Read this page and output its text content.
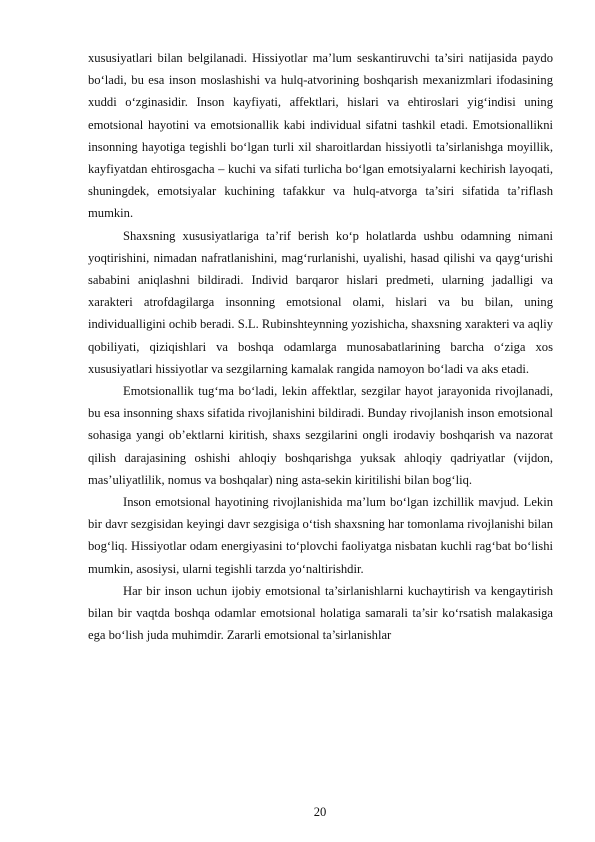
xususiyatlari bilan belgilanadi. Hissiyotlar ma’lum seskantiruvchi ta’siri natijasida paydo bo‘ladi, bu esa inson moslashishi va hulq-atvorining boshqarish mexanizmlari ifodasining xuddi o‘zginasidir. Inson kayfiyati, affektlari, hislari va ehtiroslari yig‘indisi uning emotsional hayotini va emotsionallik kabi individual sifatni tashkil etadi. Emotsionallikni insonning hayotiga tegishli bo‘lgan turli xil sharoitlardan hissiyotli ta’sirlanishga moyillik, kayfiyatdan ehtirosgacha – kuchi va sifati turlicha bo‘lgan emotsiyalarni kechirish layoqati, shuningdek, emotsiyalar kuchining tafakkur va hulq-atvorga ta’siri sifatida ta’riflash mumkin.

Shaxsning xususiyatlariga ta’rif berish ko‘p holatlarda ushbu odamning nimani yoqtirishini, nimadan nafratlanishini, mag‘rurlanishi, uyalishi, hasad qilishi va qayg‘urishi sababini aniqlashni bildiradi. Individ barqaror hislari predmeti, ularning jadalligi va xarakteri atrofdagilarga insonning emotsional olami, hislari va bu bilan, uning individualligini ochib beradi. S.L. Rubinshteynning yozishicha, shaxsning xarakteri va aqliy qobiliyati, qiziqishlari va boshqa odamlarga munosabatlarining barcha o‘ziga xos xususiyatlari hissiyotlar va sezgilarning kamalak rangida namoyon bo‘ladi va aks etadi.

Emotsionallik tug‘ma bo‘ladi, lekin affektlar, sezgilar hayot jarayonida rivojlanadi, bu esa insonning shaxs sifatida rivojlanishini bildiradi. Bunday rivojlanish inson emotsional sohasiga yangi ob’ektlarni kiritish, shaxs sezgilarini ongli irodaviy boshqarish va nazorat qilish darajasining oshishi ahloqiy boshqarishga yuksak ahloqiy qadriyatlar (vijdon, mas’uliyatlilik, nomus va boshqalar) ning asta-sekin kiritilishi bilan bog‘liq.

Inson emotsional hayotining rivojlanishida ma’lum bo‘lgan izchillik mavjud. Lekin bir davr sezgisidan keyingi davr sezgisiga o‘tish shaxsning har tomonlama rivojlanishi bilan bog‘liq. Hissiyotlar odam energiyasini to‘plovchi faoliyatga nisbatan kuchli rag‘bat bo‘lishi mumkin, asosiysi, ularni tegishli tarzda yo‘naltirishdir.

Har bir inson uchun ijobiy emotsional ta’sirlanishlarni kuchaytirish va kengaytirish bilan bir vaqtda boshqa odamlar emotsional holatiga samarali ta’sir ko‘rsatish malakasiga ega bo‘lish juda muhimdir. Zararli emotsional ta’sirlanishlar

20
